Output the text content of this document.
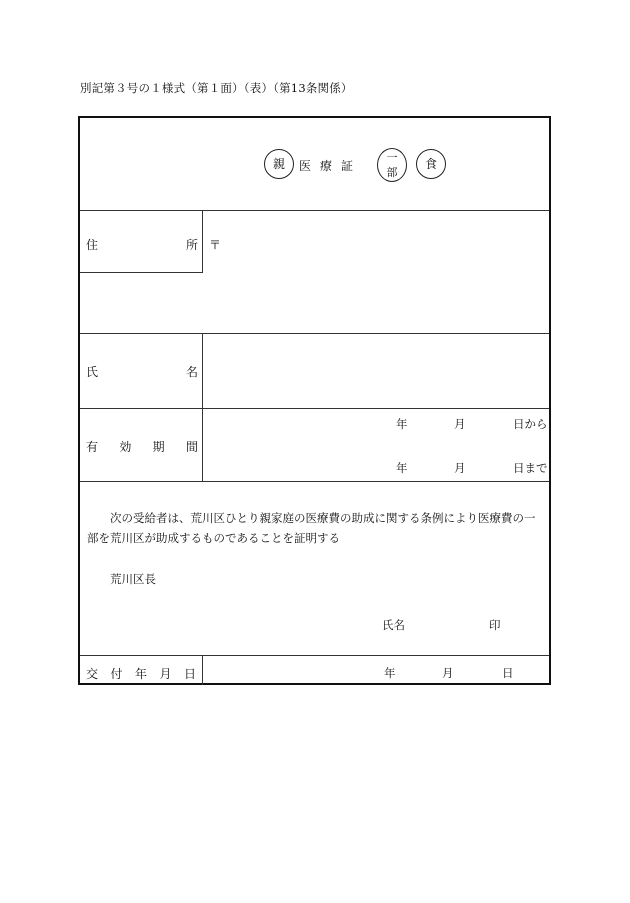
別記第３号の１様式（第１面）（表）（第13条関係）
親	医療証
一
部
食
住	所 〒
氏	名
有 効 期 間
年	月	日から
年	月	日まで
次の受給者は、荒川区ひとり親家庭の医療費の助成に関する条例により医療費の一部を荒川区が助成するものであることを証明する
荒川区長
氏名	印
交 付 年 月 日	年	月	日
